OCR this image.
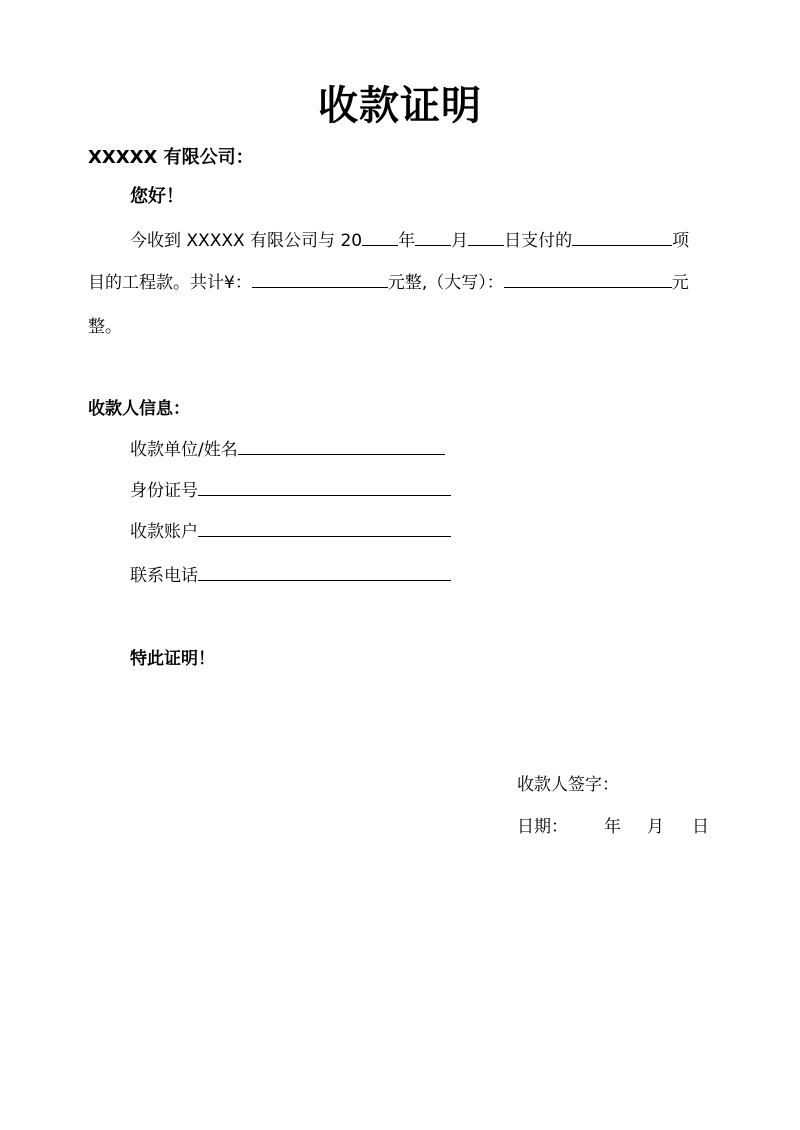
收款证明
XXXXX 有限公司：
您好！
今收到 XXXXX 有限公司与 20 年 月 日支付的	项
目的工程款。共计¥：	元整,（大写）：	元
整。
收款人信息：
收款单位/姓名
身份证号
收款账户
联系电话
特此证明！
收款人签字：
日期： 年 月 日
